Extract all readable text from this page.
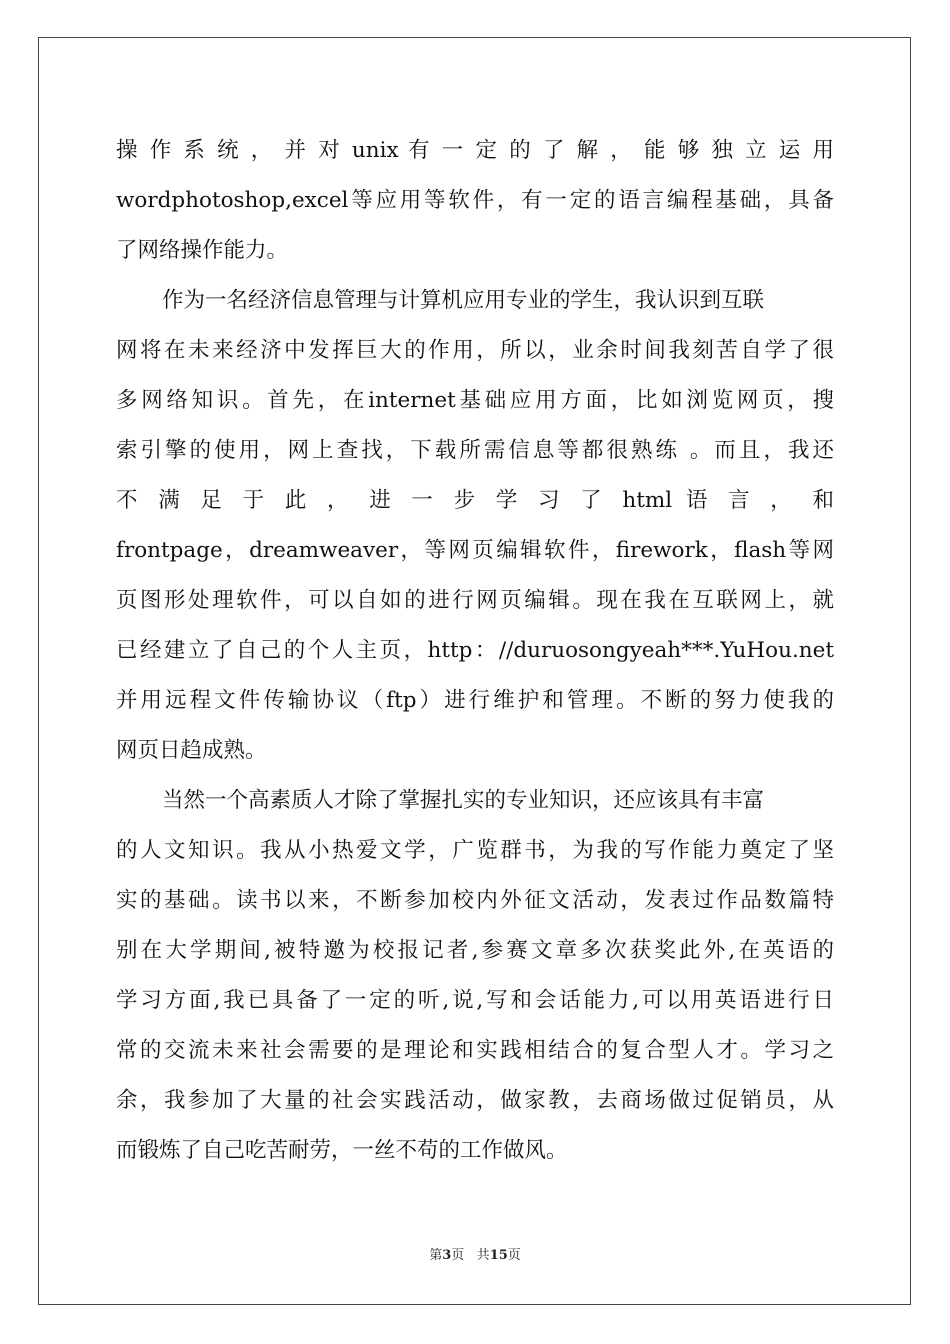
操 作 系 统 ， 并 对 unix 有 一 定 的 了 解 ， 能 够 独 立 运 用
wordphotoshop,excel等应用等软件，有一定的语言编程基础，具备
了网络操作能力。
作为一名经济信息管理与计算机应用专业的学生，我认识到互联
网将在未来经济中发挥巨大的作用，所以，业余时间我刻苦自学了很
多网络知识。首先，在internet基础应用方面，比如浏览网页，搜
索引擎的使用，网上查找，下载所需信息等都很熟练 。而且，我还
不 满 足 于 此 ， 进 一 步 学 习 了 html 语 言 ， 和
frontpage，dreamweaver，等网页编辑软件，firework，flash等网
页图形处理软件，可以自如的进行网页编辑。现在我在互联网上，就
已经建立了自己的个人主页，http：//duruosongyeah***.YuHou.net
并用远程文件传输协议（ftp）进行维护和管理。不断的努力使我的
网页日趋成熟。
当然一个高素质人才除了掌握扎实的专业知识，还应该具有丰富
的人文知识。我从小热爱文学，广览群书，为我的写作能力奠定了坚
实的基础。读书以来，不断参加校内外征文活动，发表过作品数篇特
别在大学期间,被特邀为校报记者,参赛文章多次获奖此外,在英语的
学习方面,我已具备了一定的听,说,写和会话能力,可以用英语进行日
常的交流未来社会需要的是理论和实践相结合的复合型人才。学习之
余，我参加了大量的社会实践活动，做家教，去商场做过促销员，从
而锻炼了自己吃苦耐劳，一丝不苟的工作做风。
第3页 共15页
